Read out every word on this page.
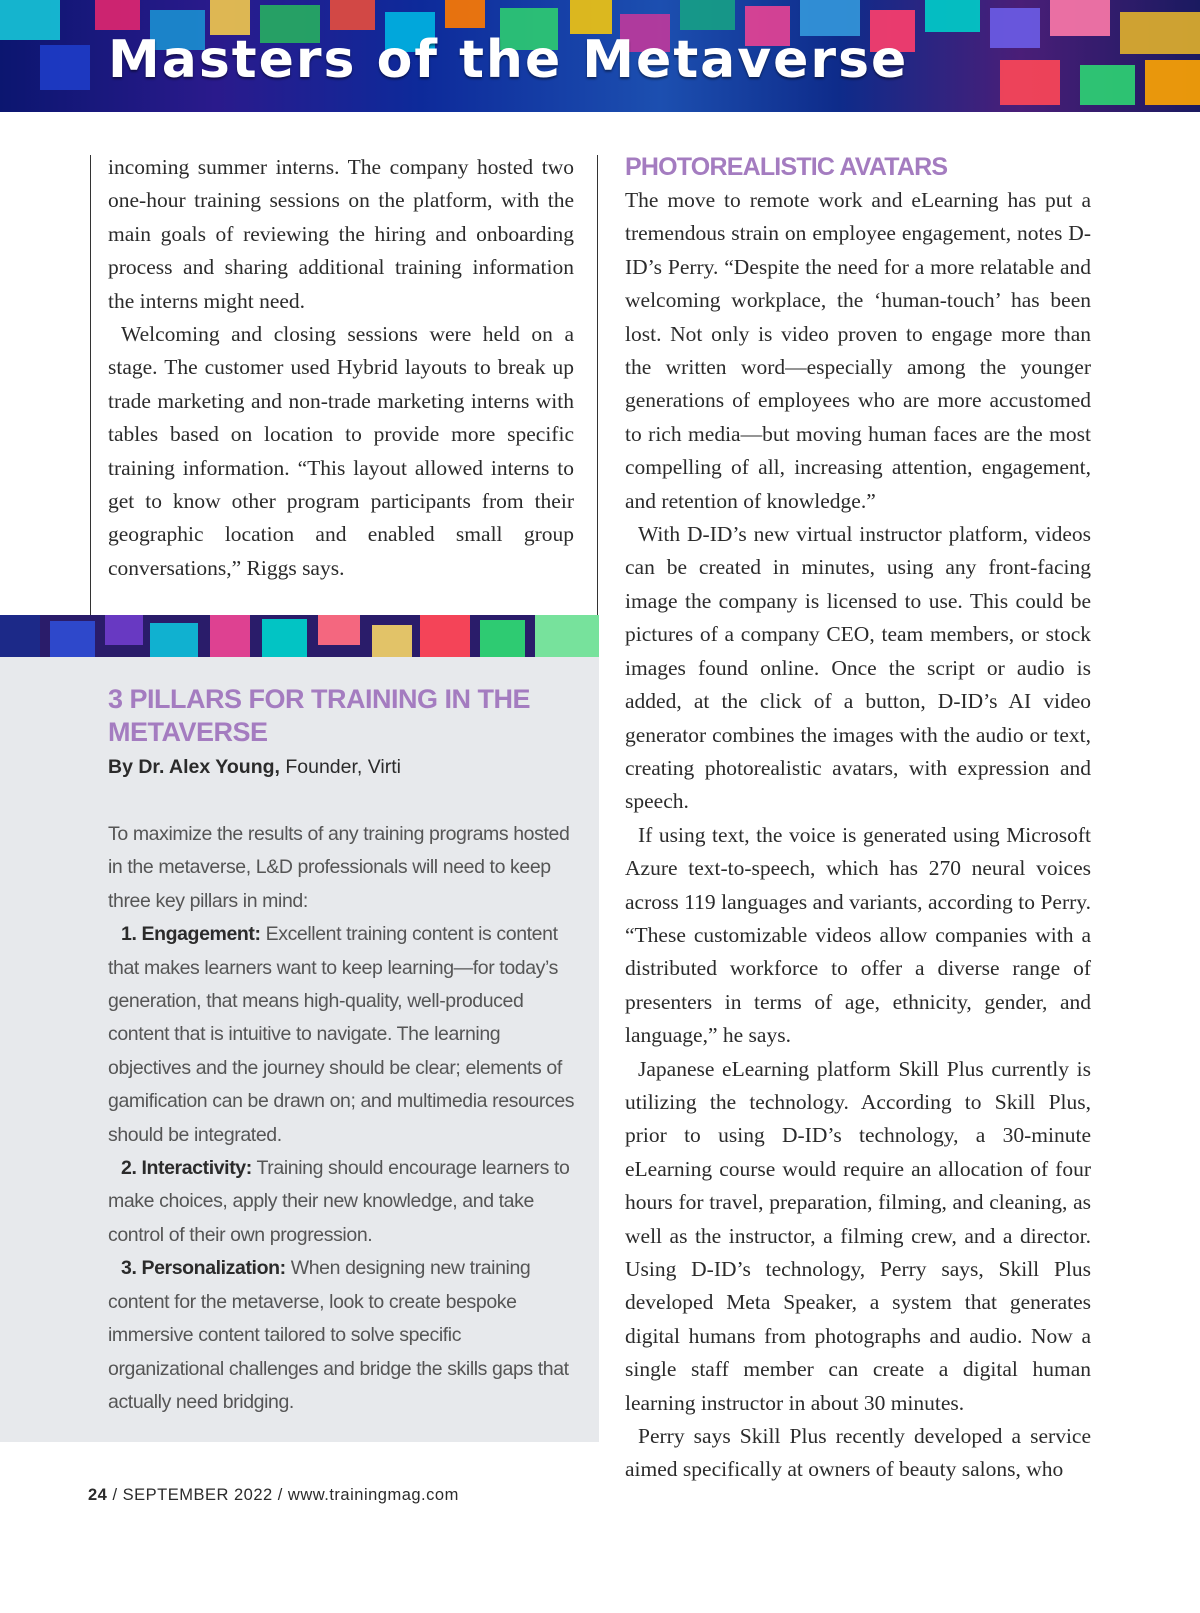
Masters of the Metaverse

incoming summer interns. The company hosted two one-hour training sessions on the platform, with the main goals of reviewing the hiring and onboarding process and sharing additional training information the interns might need.

Welcoming and closing sessions were held on a stage. The customer used Hybrid layouts to break up trade marketing and non-trade marketing interns with tables based on location to provide more specific training information. “This layout allowed interns to get to know other program participants from their geographic location and enabled small group conversations,” Riggs says.

3 PILLARS FOR TRAINING IN THE METAVERSE
By Dr. Alex Young, Founder, Virti

To maximize the results of any training programs hosted in the metaverse, L&D professionals will need to keep three key pillars in mind:

1. Engagement: Excellent training content is content that makes learners want to keep learning—for today’s generation, that means high-quality, well-produced content that is intuitive to navigate. The learning objectives and the journey should be clear; elements of gamification can be drawn on; and multimedia resources should be integrated.

2. Interactivity: Training should encourage learners to make choices, apply their new knowledge, and take control of their own progression.

3. Personalization: When designing new training content for the metaverse, look to create bespoke immersive content tailored to solve specific organizational challenges and bridge the skills gaps that actually need bridging.

PHOTOREALISTIC AVATARS

The move to remote work and eLearning has put a tremendous strain on employee engagement, notes D-ID’s Perry. “Despite the need for a more relatable and welcoming workplace, the ‘human-touch’ has been lost. Not only is video proven to engage more than the written word—especially among the younger generations of employees who are more accustomed to rich media—but moving human faces are the most compelling of all, increasing attention, engagement, and retention of knowledge.”

With D-ID’s new virtual instructor platform, videos can be created in minutes, using any front-facing image the company is licensed to use. This could be pictures of a company CEO, team members, or stock images found online. Once the script or audio is added, at the click of a button, D-ID’s AI video generator combines the images with the audio or text, creating photorealistic avatars, with expression and speech.

If using text, the voice is generated using Microsoft Azure text-to-speech, which has 270 neural voices across 119 languages and variants, according to Perry. “These customizable videos allow companies with a distributed workforce to offer a diverse range of presenters in terms of age, ethnicity, gender, and language,” he says.

Japanese eLearning platform Skill Plus currently is utilizing the technology. According to Skill Plus, prior to using D-ID’s technology, a 30-minute eLearning course would require an allocation of four hours for travel, preparation, filming, and cleaning, as well as the instructor, a filming crew, and a director. Using D-ID’s technology, Perry says, Skill Plus developed Meta Speaker, a system that generates digital humans from photographs and audio. Now a single staff member can create a digital human learning instructor in about 30 minutes.

Perry says Skill Plus recently developed a service aimed specifically at owners of beauty salons, who

24 / SEPTEMBER 2022 / www.trainingmag.com
